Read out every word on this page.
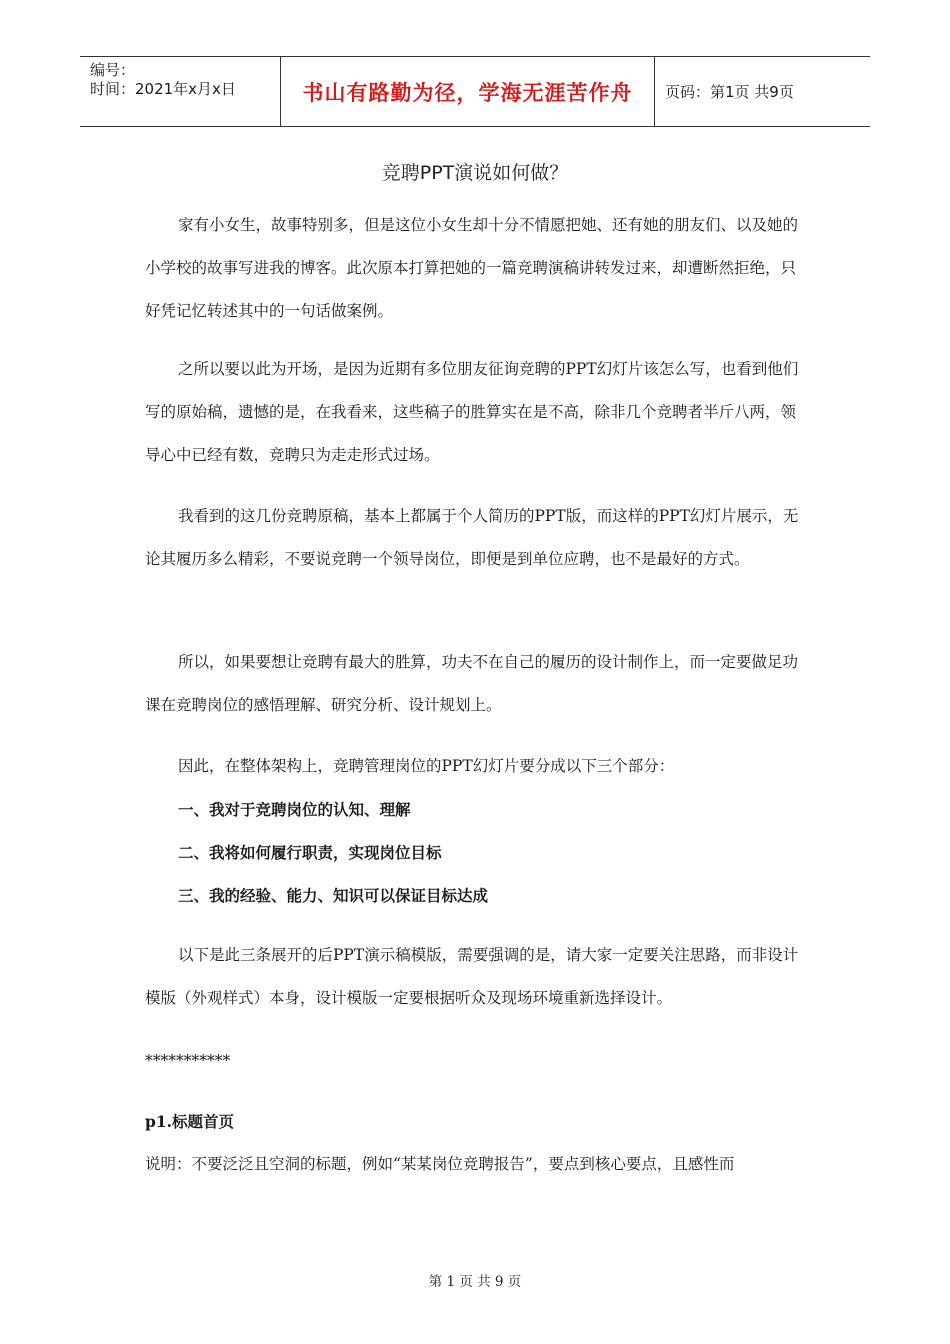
编号：
时间：2021年x月x日	书山有路勤为径，学海无涯苦作舟	页码：第1页 共9页
竞聘PPT演说如何做？

家有小女生，故事特别多，但是这位小女生却十分不情愿把她、还有她的朋友们、以及她的小学校的故事写进我的博客。此次原本打算把她的一篇竞聘演稿讲转发过来，却遭断然拒绝，只好凭记忆转述其中的一句话做案例。

之所以要以此为开场，是因为近期有多位朋友征询竞聘的PPT幻灯片该怎么写，也看到他们写的原始稿，遗憾的是，在我看来，这些稿子的胜算实在是不高，除非几个竞聘者半斤八两，领导心中已经有数，竞聘只为走走形式过场。

我看到的这几份竞聘原稿，基本上都属于个人简历的PPT版，而这样的PPT幻灯片展示，无论其履历多么精彩，不要说竞聘一个领导岗位，即便是到单位应聘，也不是最好的方式。

所以，如果要想让竞聘有最大的胜算，功夫不在自己的履历的设计制作上，而一定要做足功课在竞聘岗位的感悟理解、研究分析、设计规划上。

因此，在整体架构上，竞聘管理岗位的PPT幻灯片要分成以下三个部分：

一、我对于竞聘岗位的认知、理解

二、我将如何履行职责，实现岗位目标

三、我的经验、能力、知识可以保证目标达成

以下是此三条展开的后PPT演示稿模版，需要强调的是，请大家一定要关注思路，而非设计模版（外观样式）本身，设计模版一定要根据听众及现场环境重新选择设计。

***********

p1.标题首页

说明：不要泛泛且空洞的标题，例如“某某岗位竞聘报告”，要点到核心要点，且感性而

第 1 页 共 9 页
